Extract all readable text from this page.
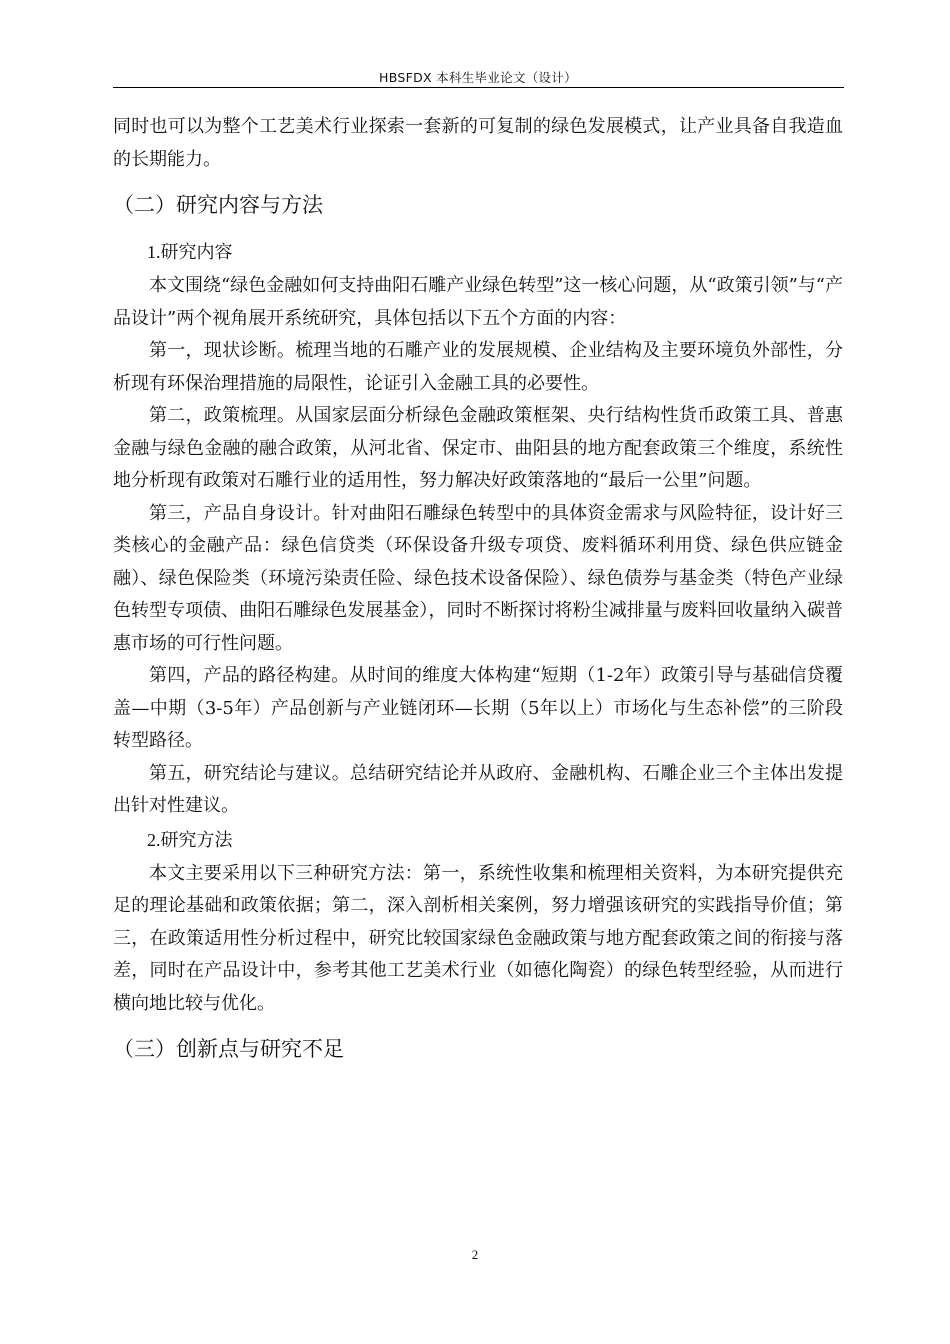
HBSFDX 本科生毕业论文（设计）

同时也可以为整个工艺美术行业探索一套新的可复制的绿色发展模式，让产业具备自我造血的长期能力。

（二）研究内容与方法
1.研究内容

本文围绕“绿色金融如何支持曲阳石雕产业绿色转型”这一核心问题，从“政策引领”与“产品设计”两个视角展开系统研究，具体包括以下五个方面的内容：

第一，现状诊断。梳理当地的石雕产业的发展规模、企业结构及主要环境负外部性，分析现有环保治理措施的局限性，论证引入金融工具的必要性。

第二，政策梳理。从国家层面分析绿色金融政策框架、央行结构性货币政策工具、普惠金融与绿色金融的融合政策，从河北省、保定市、曲阳县的地方配套政策三个维度，系统性地分析现有政策对石雕行业的适用性，努力解决好政策落地的“最后一公里”问题。

第三，产品自身设计。针对曲阳石雕绿色转型中的具体资金需求与风险特征，设计好三类核心的金融产品：绿色信贷类（环保设备升级专项贷、废料循环利用贷、绿色供应链金融）、绿色保险类（环境污染责任险、绿色技术设备保险）、绿色债券与基金类（特色产业绿色转型专项债、曲阳石雕绿色发展基金），同时不断探讨将粉尘减排量与废料回收量纳入碳普惠市场的可行性问题。

第四，产品的路径构建。从时间的维度大体构建“短期（1-2年）政策引导与基础信贷覆盖—中期（3-5年）产品创新与产业链闭环—长期（5年以上）市场化与生态补偿”的三阶段转型路径。

第五，研究结论与建议。总结研究结论并从政府、金融机构、石雕企业三个主体出发提出针对性建议。

2.研究方法

本文主要采用以下三种研究方法：第一，系统性收集和梳理相关资料，为本研究提供充足的理论基础和政策依据；第二，深入剖析相关案例，努力增强该研究的实践指导价值；第三，在政策适用性分析过程中，研究比较国家绿色金融政策与地方配套政策之间的衔接与落差，同时在产品设计中，参考其他工艺美术行业（如德化陶瓷）的绿色转型经验，从而进行横向地比较与优化。

（三）创新点与研究不足
2
